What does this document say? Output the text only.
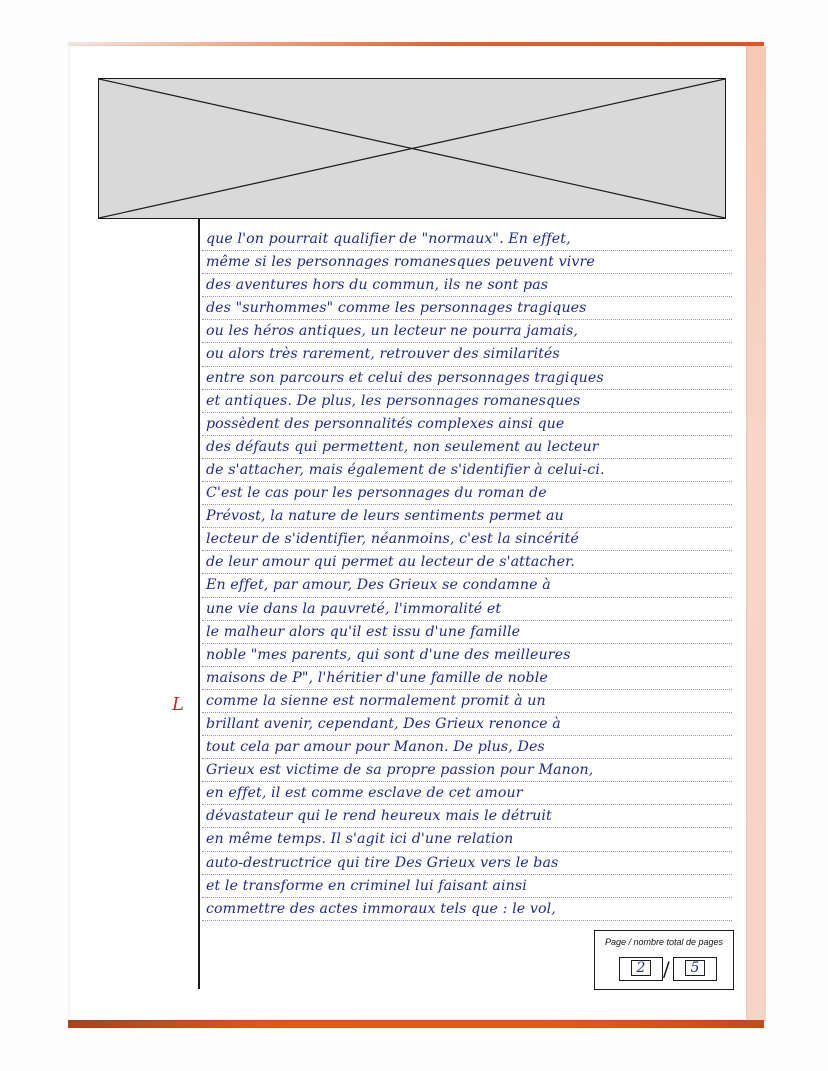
que l'on pourrait qualifier de "normaux". En effet,
même si les personnages romanesques peuvent vivre
des aventures hors du commun, ils ne sont pas
des "surhommes" comme les personnages tragiques
ou les héros antiques, un lecteur ne pourra jamais,
ou alors très rarement, retrouver des similarités
entre son parcours et celui des personnages tragiques
et antiques. De plus, les personnages romanesques
possèdent des personnalités complexes ainsi que
des défauts qui permettent, non seulement au lecteur
de s'attacher, mais également de s'identifier à celui-ci.
C'est le cas pour les personnages du roman de
Prévost, la nature de leurs sentiments permet au
lecteur de s'identifier, néanmoins, c'est la sincérité
de leur amour qui permet au lecteur de s'attacher.
En effet, par amour, Des Grieux se condamne à
une vie dans la pauvreté, l'immoralité et
le malheur alors qu'il est issu d'une famille
noble "mes parents, qui sont d'une des meilleures
maisons de P", l'héritier d'une famille de noble
comme la sienne est normalement promit à un
brillant avenir, cependant, Des Grieux renonce à
tout cela par amour pour Manon. De plus, Des
Grieux est victime de sa propre passion pour Manon,
en effet, il est comme esclave de cet amour
dévastateur qui le rend heureux mais le détruit
en même temps. Il s'agit ici d'une relation
auto-destructrice qui tire Des Grieux vers le bas
et le transforme en criminel lui faisant ainsi
commettre des actes immoraux tels que : le vol,
L
Page / nombre total de pages
2 /	5
